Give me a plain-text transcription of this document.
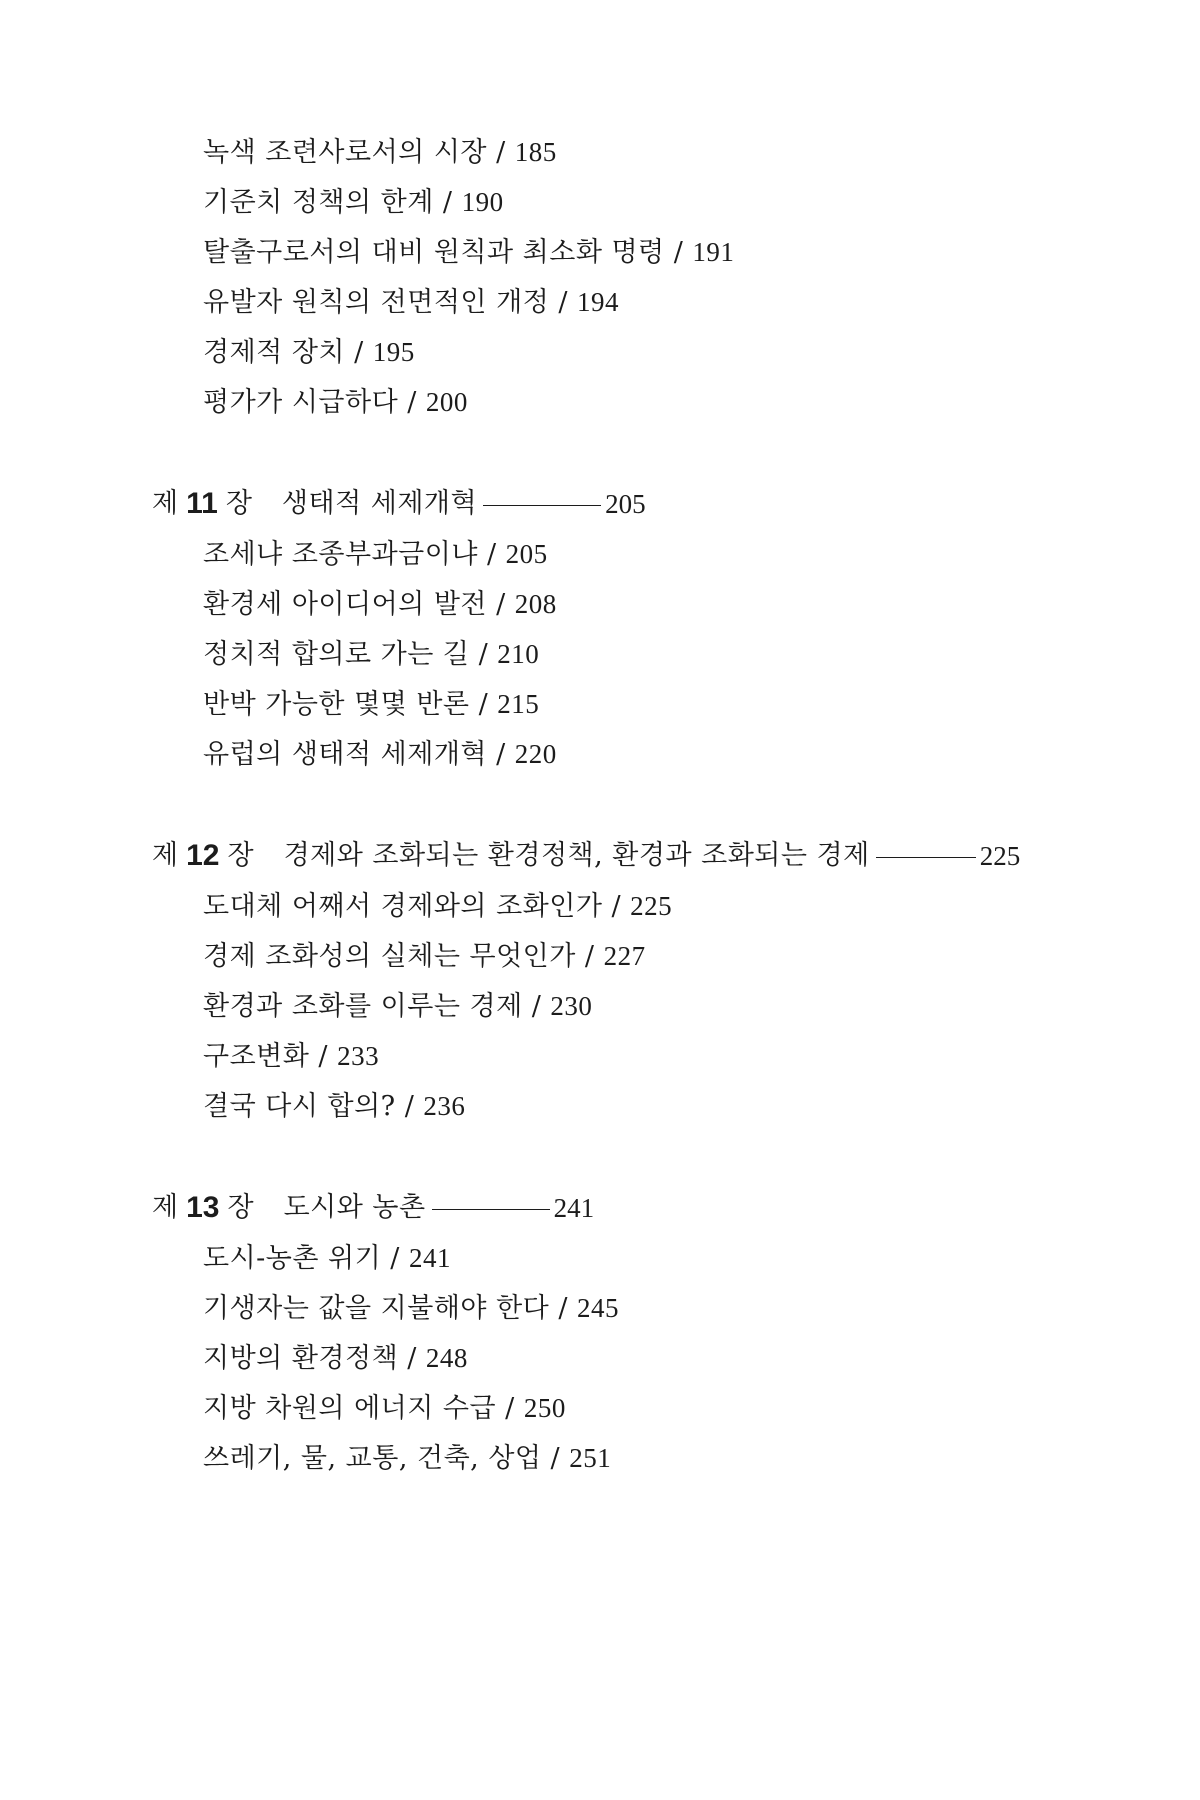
녹색 조련사로서의 시장 / 185
기준치 정책의 한계 / 190
탈출구로서의 대비 원칙과 최소화 명령 / 191
유발자 원칙의 전면적인 개정 / 194
경제적 장치 / 195
평가가 시급하다 / 200
제 11 장 생태적 세제개혁	205
조세냐 조종부과금이냐 / 205
환경세 아이디어의 발전 / 208
정치적 합의로 가는 길 / 210
반박 가능한 몇몇 반론 / 215
유럽의 생태적 세제개혁 / 220
제 12 장 경제와 조화되는 환경정책, 환경과 조화되는 경제	225
도대체 어째서 경제와의 조화인가 / 225
경제 조화성의 실체는 무엇인가 / 227
환경과 조화를 이루는 경제 / 230
구조변화 / 233
결국 다시 합의? / 236
제 13 장 도시와 농촌	241
도시-농촌 위기 / 241
기생자는 값을 지불해야 한다 / 245
지방의 환경정책 / 248
지방 차원의 에너지 수급 / 250
쓰레기, 물, 교통, 건축, 상업 / 251
